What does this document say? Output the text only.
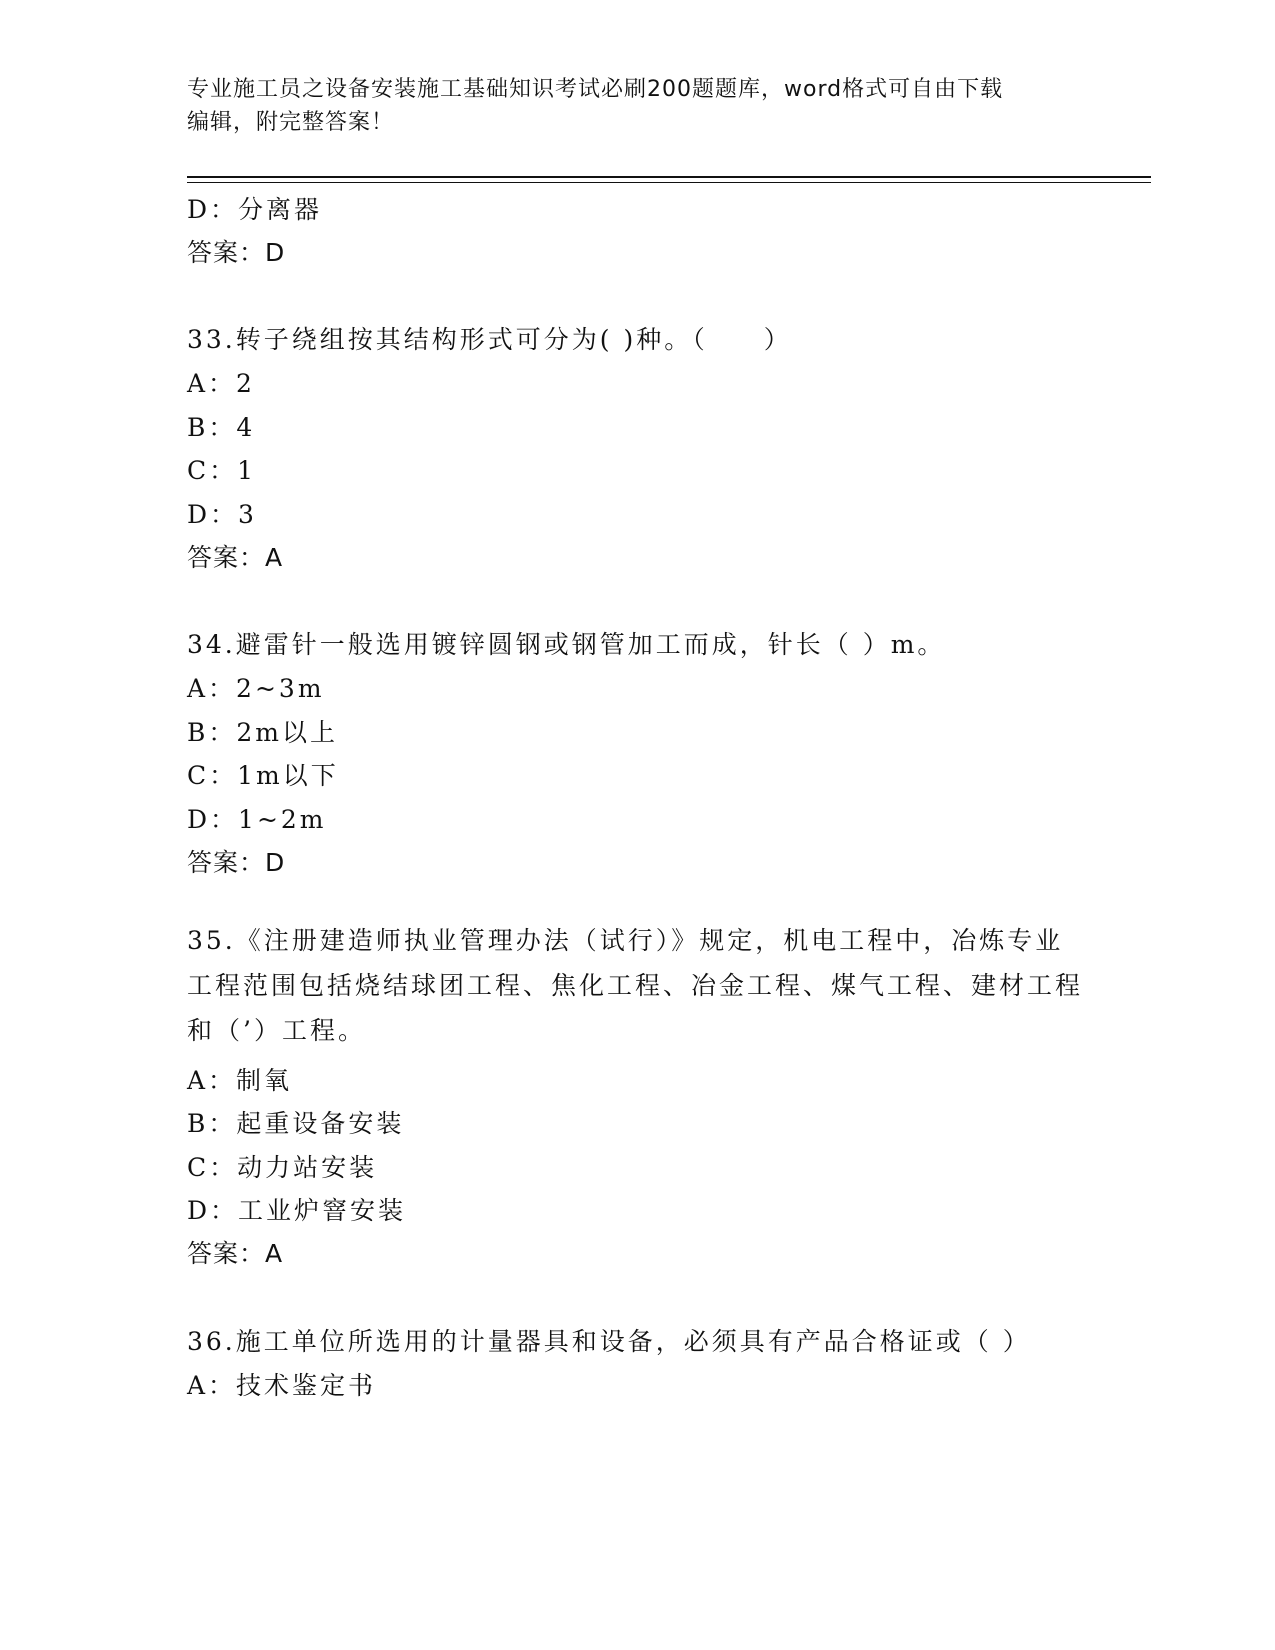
专业施工员之设备安装施工基础知识考试必刷200题题库，word格式可自由下载
编辑，附完整答案！
D：分离器
答案：D
33.转子绕组按其结构形式可分为( )种。（　　）
A：2
B：4
C：1
D：3
答案：A
34.避雷针一般选用镀锌圆钢或钢管加工而成，针长（ ）m。
A：2~3m
B：2m以上
C：1m以下
D：1~2m
答案：D
35.《注册建造师执业管理办法（试行）》规定，机电工程中，冶炼专业工程范围包括烧结球团工程、焦化工程、冶金工程、煤气工程、建材工程和（’）工程。
A：制氧
B：起重设备安装
C：动力站安装
D：工业炉窨安装
答案：A
36.施工单位所选用的计量器具和设备，必须具有产品合格证或（ ）
A：技术鉴定书
